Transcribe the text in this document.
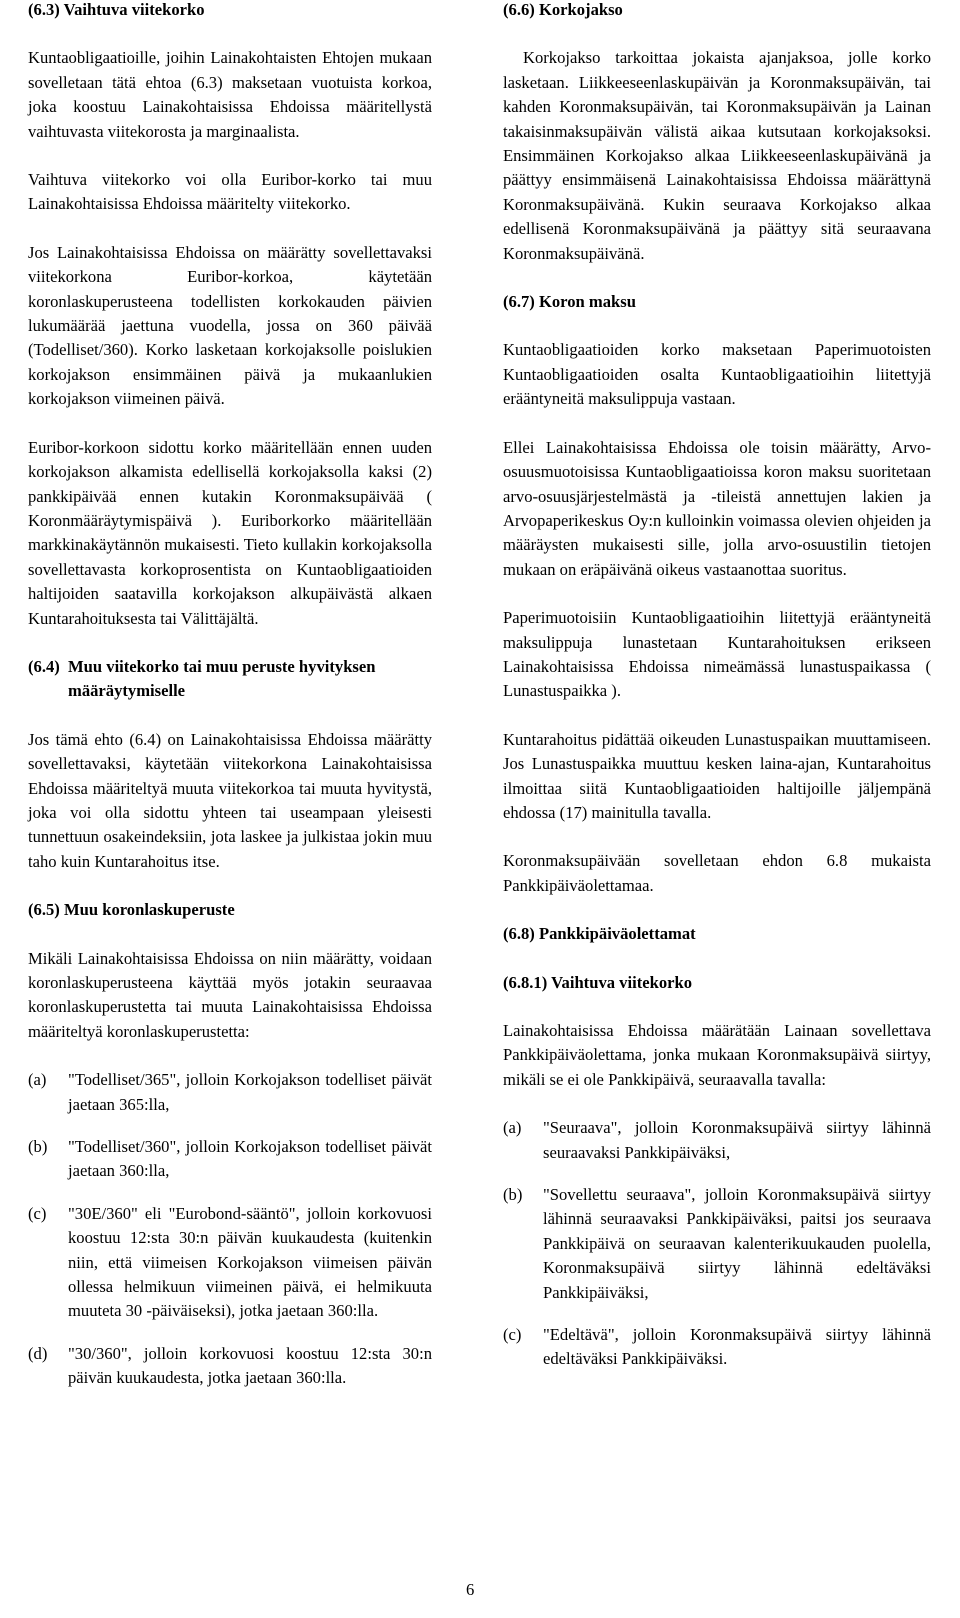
(6.3) Vaihtuva viitekorko

Kuntaobligaatioille, joihin Lainakohtaisten Ehtojen mukaan sovelletaan tätä ehtoa (6.3) maksetaan vuotuista korkoa, joka koostuu Lainakohtaisissa Ehdoissa määritellystä vaihtuvasta viitekorosta ja marginaalista.

Vaihtuva viitekorko voi olla Euribor-korko tai muu Lainakohtaisissa Ehdoissa määritelty viitekorko.

Jos Lainakohtaisissa Ehdoissa on määrätty sovellettavaksi viitekorkona Euribor-korkoa, käytetään koronlaskuperusteena todellisten korkokauden päivien lukumäärää jaettuna vuodella, jossa on 360 päivää (Todelliset/360). Korko lasketaan korkojaksolle poislukien korkojakson ensimmäinen päivä ja mukaanlukien korkojakson viimeinen päivä.

Euribor-korkoon sidottu korko määritellään ennen uuden korkojakson alkamista edellisellä korkojaksolla kaksi (2) pankkipäivää ennen kutakin Koronmaksupäivää ( Koronmääräytymispäivä ). Euriborkorko määritellään markkinakäytännön mukaisesti. Tieto kullakin korkojaksolla sovellettavasta korkoprosentista on Kuntaobligaatioiden haltijoiden saatavilla korkojakson alkupäivästä alkaen Kuntarahoituksesta tai Välittäjältä.

(6.4) Muu viitekorko tai muu peruste hyvityksen määräytymiselle

Jos tämä ehto (6.4) on Lainakohtaisissa Ehdoissa määrätty sovellettavaksi, käytetään viitekorkona Lainakohtaisissa Ehdoissa määriteltyä muuta viitekorkoa tai muuta hyvitystä, joka voi olla sidottu yhteen tai useampaan yleisesti tunnettuun osakeindeksiin, jota laskee ja julkistaa jokin muu taho kuin Kuntarahoitus itse.

(6.5) Muu koronlaskuperuste

Mikäli Lainakohtaisissa Ehdoissa on niin määrätty, voidaan koronlaskuperusteena käyttää myös jotakin seuraavaa koronlaskuperustetta tai muuta Lainakohtaisissa Ehdoissa määriteltyä koronlaskuperustetta:

(a)	"Todelliset/365", jolloin Korkojakson todelliset päivät jaetaan 365:lla,
(b)	"Todelliset/360", jolloin Korkojakson todelliset päivät jaetaan 360:lla,
(c)	"30E/360" eli "Eurobond-sääntö", jolloin korkovuosi koostuu 12:sta 30:n päivän kuukaudesta (kuitenkin niin, että viimeisen Korkojakson viimeisen päivän ollessa helmikuun viimeinen päivä, ei helmikuuta muuteta 30 -päiväiseksi), jotka jaetaan 360:lla.
(d)	"30/360", jolloin korkovuosi koostuu 12:sta 30:n päivän kuukaudesta, jotka jaetaan 360:lla.

(6.6) Korkojakso

Korkojakso tarkoittaa jokaista ajanjaksoa, jolle korko lasketaan. Liikkeeseenlaskupäivän ja Koronmaksupäivän, tai kahden Koronmaksupäivän, tai Koronmaksupäivän ja Lainan takaisinmaksupäivän välistä aikaa kutsutaan korkojaksoksi. Ensimmäinen Korkojakso alkaa Liikkeeseenlaskupäivänä ja päättyy ensimmäisenä Lainakohtaisissa Ehdoissa määrättynä Koronmaksupäivänä. Kukin seuraava Korkojakso alkaa edellisenä Koronmaksupäivänä ja päättyy sitä seuraavana Koronmaksupäivänä.

(6.7) Koron maksu

Kuntaobligaatioiden korko maksetaan Paperimuotoisten Kuntaobligaatioiden osalta Kuntaobligaatioihin liitettyjä erääntyneitä maksulippuja vastaan.

Ellei Lainakohtaisissa Ehdoissa ole toisin määrätty, Arvo-osuusmuotoisissa Kuntaobligaatioissa koron maksu suoritetaan arvo-osuusjärjestelmästä ja -tileistä annettujen lakien ja Arvopaperikeskus Oy:n kulloinkin voimassa olevien ohjeiden ja määräysten mukaisesti sille, jolla arvo-osuustilin tietojen mukaan on eräpäivänä oikeus vastaanottaa suoritus.

Paperimuotoisiin Kuntaobligaatioihin liitettyjä erääntyneitä maksulippuja lunastetaan Kuntarahoituksen erikseen Lainakohtaisissa Ehdoissa nimeämässä lunastuspaikassa ( Lunastuspaikka ).

Kuntarahoitus pidättää oikeuden Lunastuspaikan muuttamiseen. Jos Lunastuspaikka muuttuu kesken laina-ajan, Kuntarahoitus ilmoittaa siitä Kuntaobligaatioiden haltijoille jäljempänä ehdossa (17) mainitulla tavalla.

Koronmaksupäivään sovelletaan ehdon 6.8 mukaista Pankkipäiväolettamaa.

(6.8) Pankkipäiväolettamat

(6.8.1) Vaihtuva viitekorko

Lainakohtaisissa Ehdoissa määrätään Lainaan sovellettava Pankkipäiväolettama, jonka mukaan Koronmaksupäivä siirtyy, mikäli se ei ole Pankkipäivä, seuraavalla tavalla:

(a)	"Seuraava", jolloin Koronmaksupäivä siirtyy lähinnä seuraavaksi Pankkipäiväksi,
(b)	"Sovellettu seuraava", jolloin Koronmaksupäivä siirtyy lähinnä seuraavaksi Pankkipäiväksi, paitsi jos seuraava Pankkipäivä on seuraavan kalenterikuukauden puolella, Koronmaksupäivä siirtyy lähinnä edeltäväksi Pankkipäiväksi,
(c)	"Edeltävä", jolloin Koronmaksupäivä siirtyy lähinnä edeltäväksi Pankkipäiväksi.
6
